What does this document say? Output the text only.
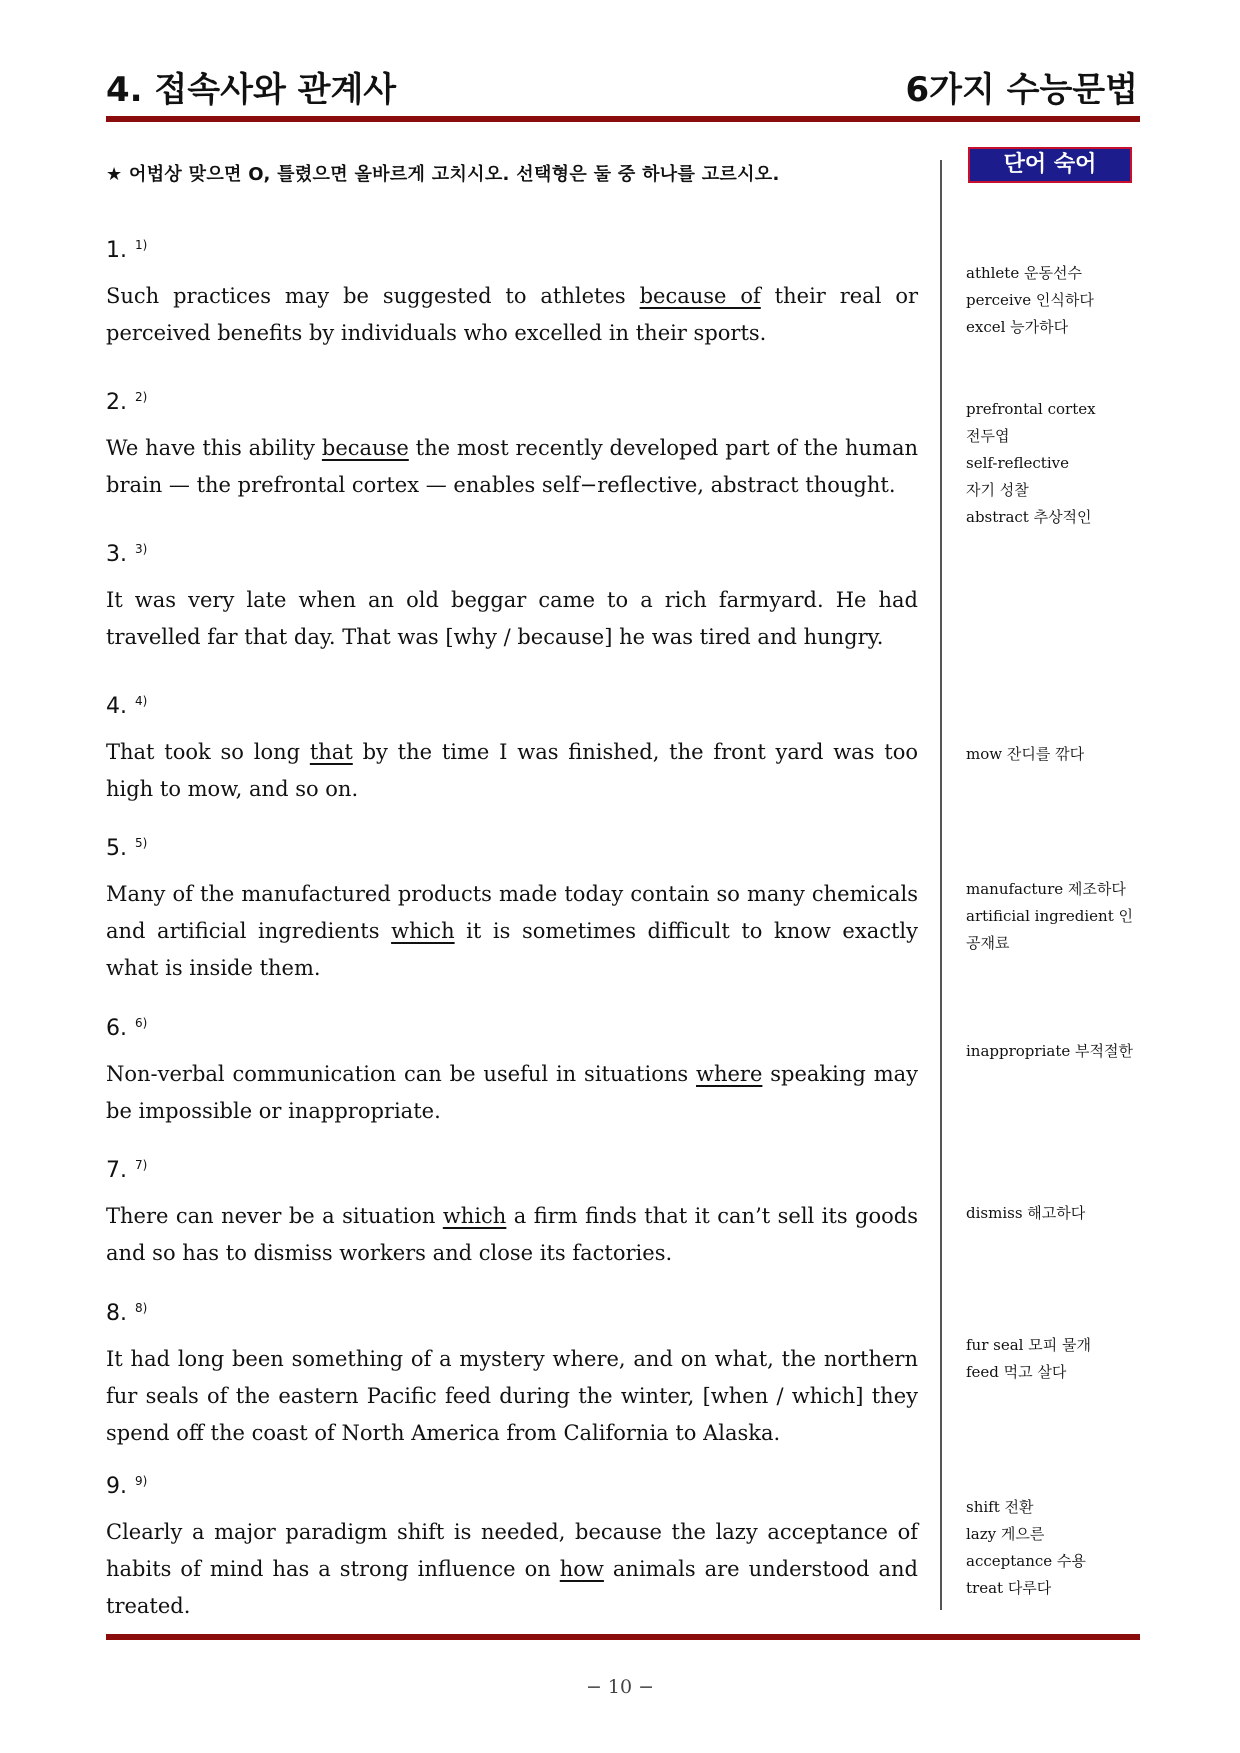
4. 접속사와 관계사	6가지 수능문법
★ 어법상 맞으면 O, 틀렸으면 올바르게 고치시오. 선택형은 둘 중 하나를 고르시오.	단어 숙어
1. $^{1)}$

Such practices may be suggested to athletes because of their real or perceived benefits by individuals who excelled in their sports.

2. $^{2)}$

We have this ability because the most recently developed part of the human brain — the prefrontal cortex — enables self−reflective, abstract thought.

3. $^{3)}$

It was very late when an old beggar came to a rich farmyard. He had travelled far that day. That was [why / because] he was tired and hungry.

4. $^{4)}$

That took so long that by the time I was finished, the front yard was too high to mow, and so on.

5. $^{5)}$

Many of the manufactured products made today contain so many chemicals and artificial ingredients which it is sometimes difficult to know exactly what is inside them.

6. $^{6)}$

Non-verbal communication can be useful in situations where speaking may be impossible or inappropriate.

7. $^{7)}$

There can never be a situation which a firm finds that it can’t sell its goods and so has to dismiss workers and close its factories.

8. $^{8)}$

It had long been something of a mystery where, and on what, the northern fur seals of the eastern Pacific feed during the winter, [when / which] they spend off the coast of North America from California to Alaska.

9. $^{9)}$

Clearly a major paradigm shift is needed, because the lazy acceptance of habits of mind has a strong influence on how animals are understood and treated.

athlete 운동선수
perceive 인식하다
excel 능가하다
prefrontal cortex
전두엽
self-reflective
자기 성찰
abstract 추상적인
mow 잔디를 깎다
manufacture 제조하다
artificial ingredient 인
공재료
inappropriate 부적절한
dismiss 해고하다
fur seal 모피 물개
feed 먹고 살다
shift 전환
lazy 게으른
acceptance 수용
treat 다루다
− 10 −
